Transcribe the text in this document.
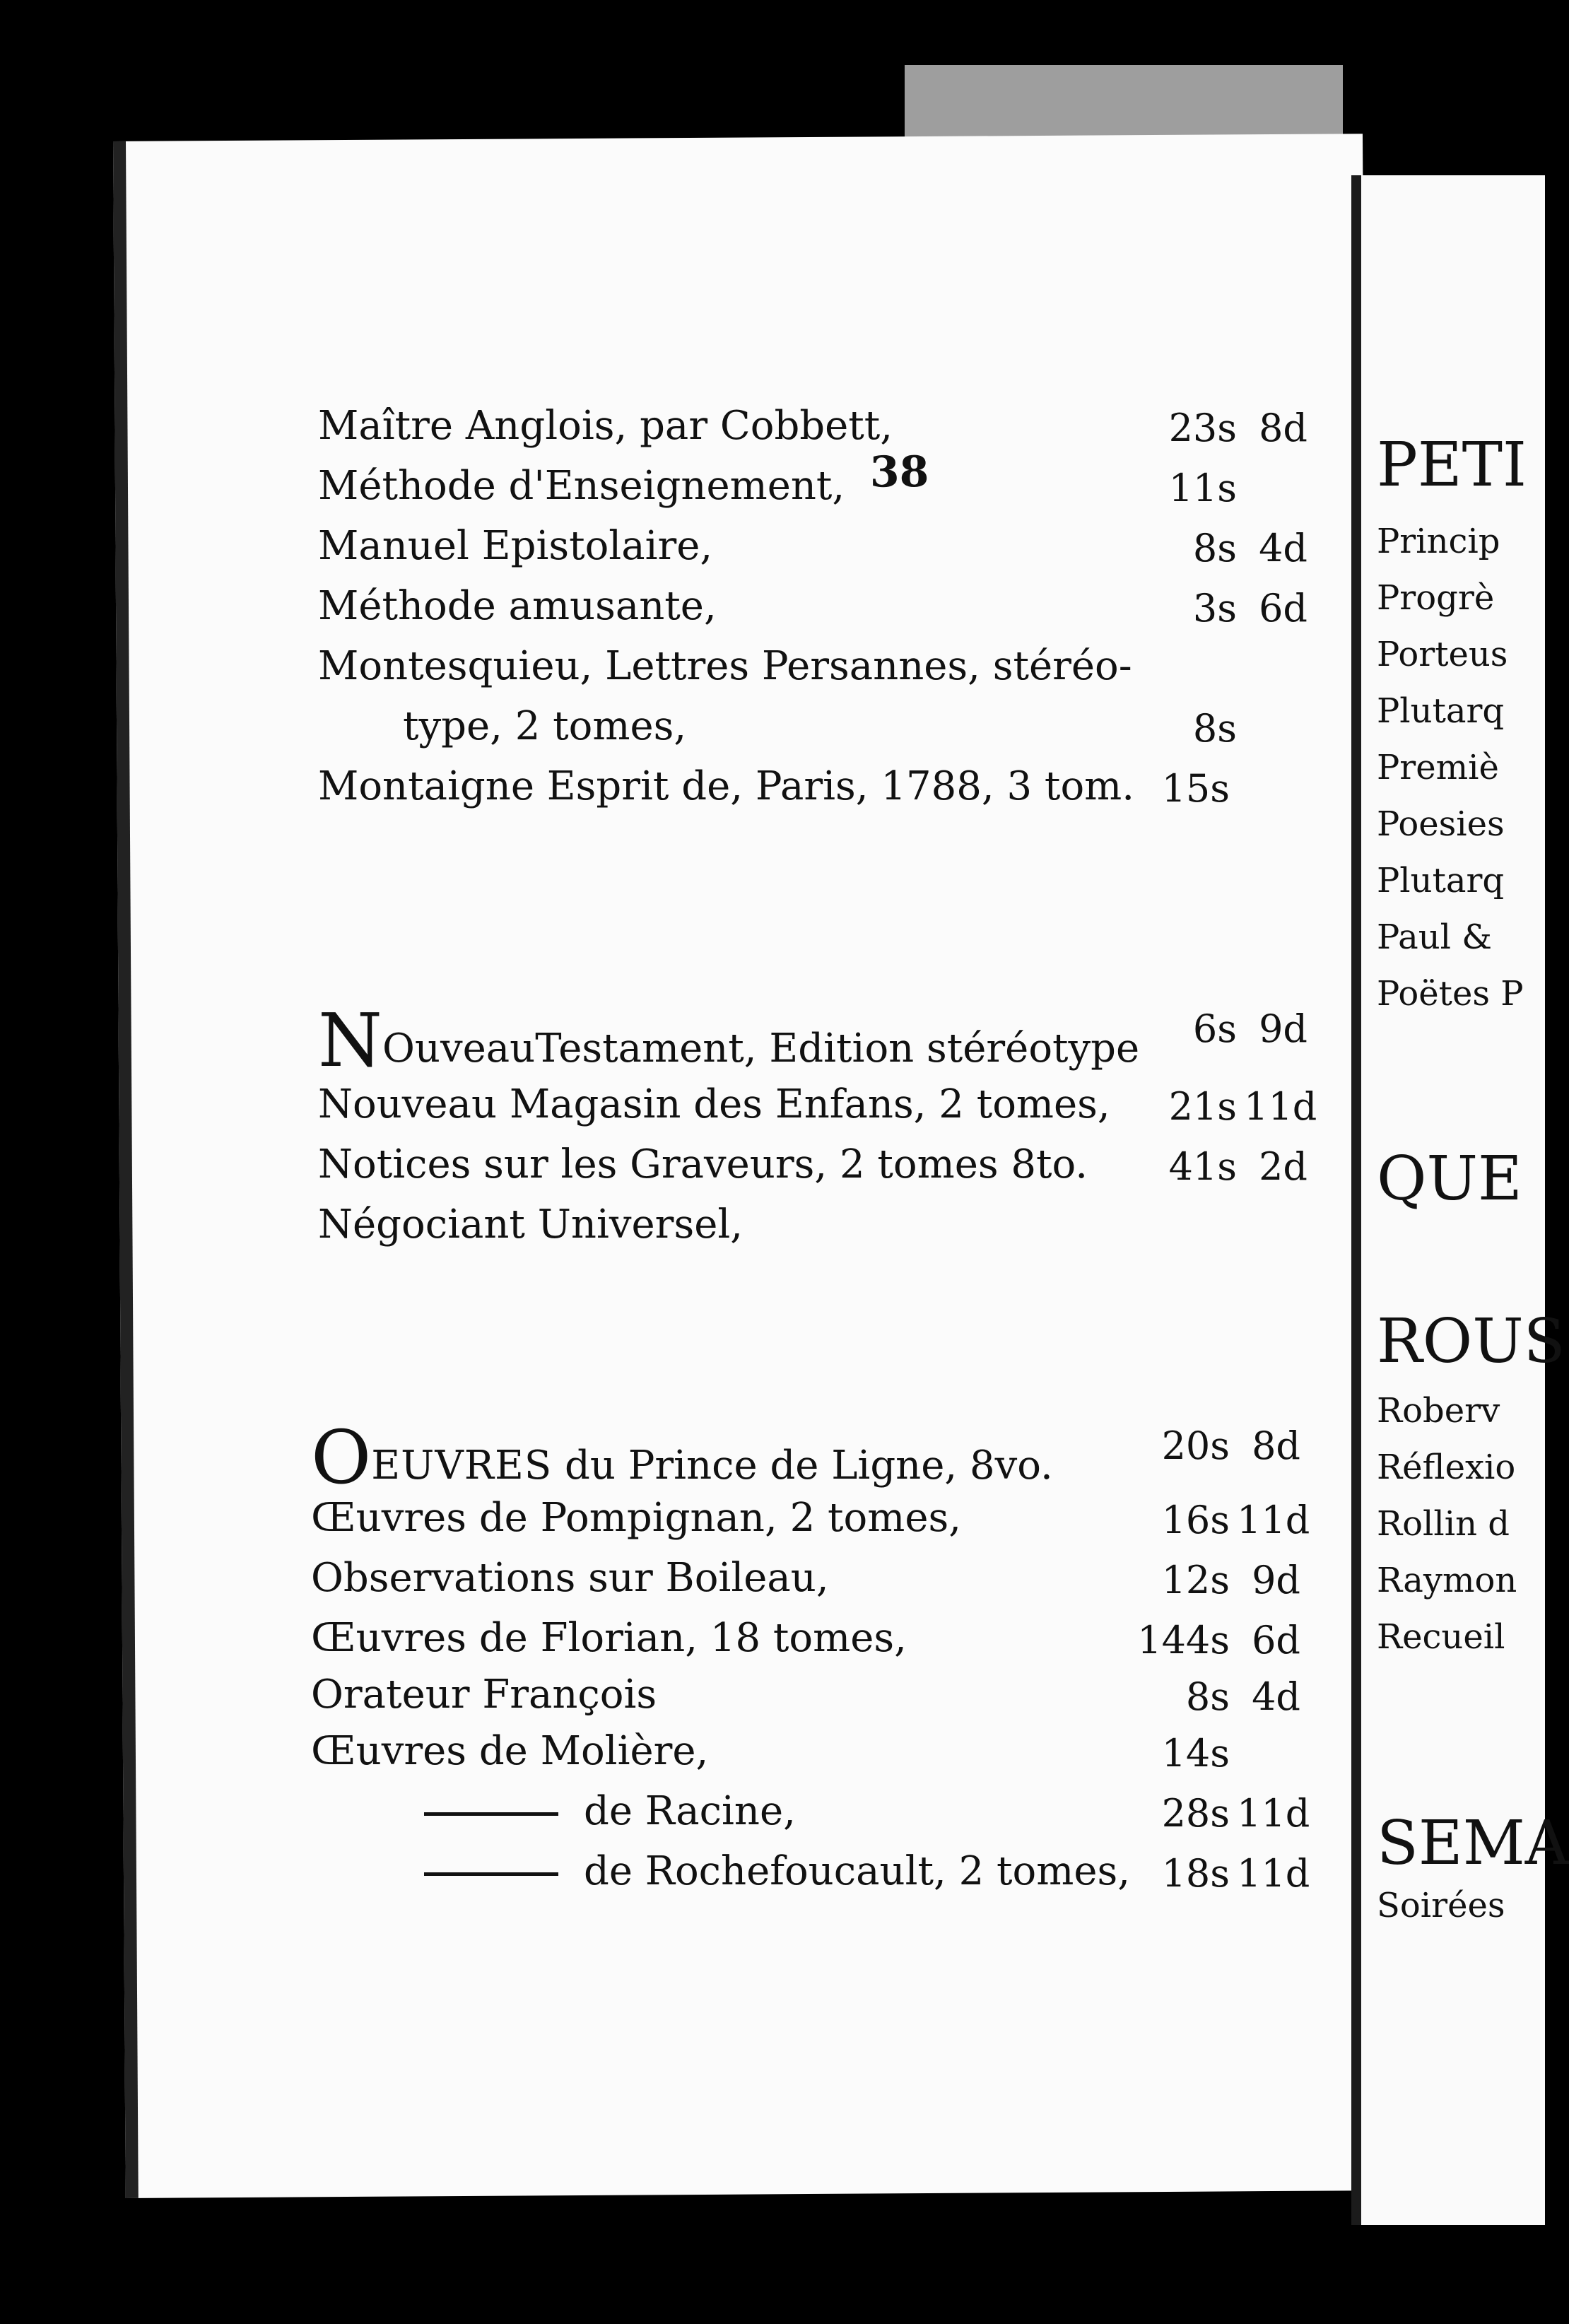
38
Maître Anglois, par Cobbett,	23s 8d
Méthode d'Enseignement,	11s
Manuel Epistolaire,	8s 4d
Méthode amusante,	3s 6d
Montesquieu, Lettres Persannes, stéréo-
type, 2 tomes,	8s
Montaigne Esprit de, Paris, 1788, 3 tom. 15s
NOuveauTestament, Edition stéréotype	6s 9d
Nouveau Magasin des Enfans, 2 tomes,	21s 11d
Notices sur les Graveurs, 2 tomes 8to.	41s 2d
Négociant Universel,
OEUVRES du Prince de Ligne, 8vo.	20s 8d
Œuvres de Pompignan, 2 tomes,	16s 11d
Observations sur Boileau,	12s 9d
Œuvres de Florian, 18 tomes,	144s 6d
Orateur François	8s 4d
Œuvres de Molière,	14s
de Racine,	28s 11d
de Rochefoucault, 2 tomes, 18s 11d
PETI
Princip
Progrè
Porteus
Plutarq
Premiè
Poesies
Plutarq
Paul &
Poëtes P
QUE
ROUS
Roberv
Réflexio
Rollin d
Raymon
Recueil
SEMA
Soirées
